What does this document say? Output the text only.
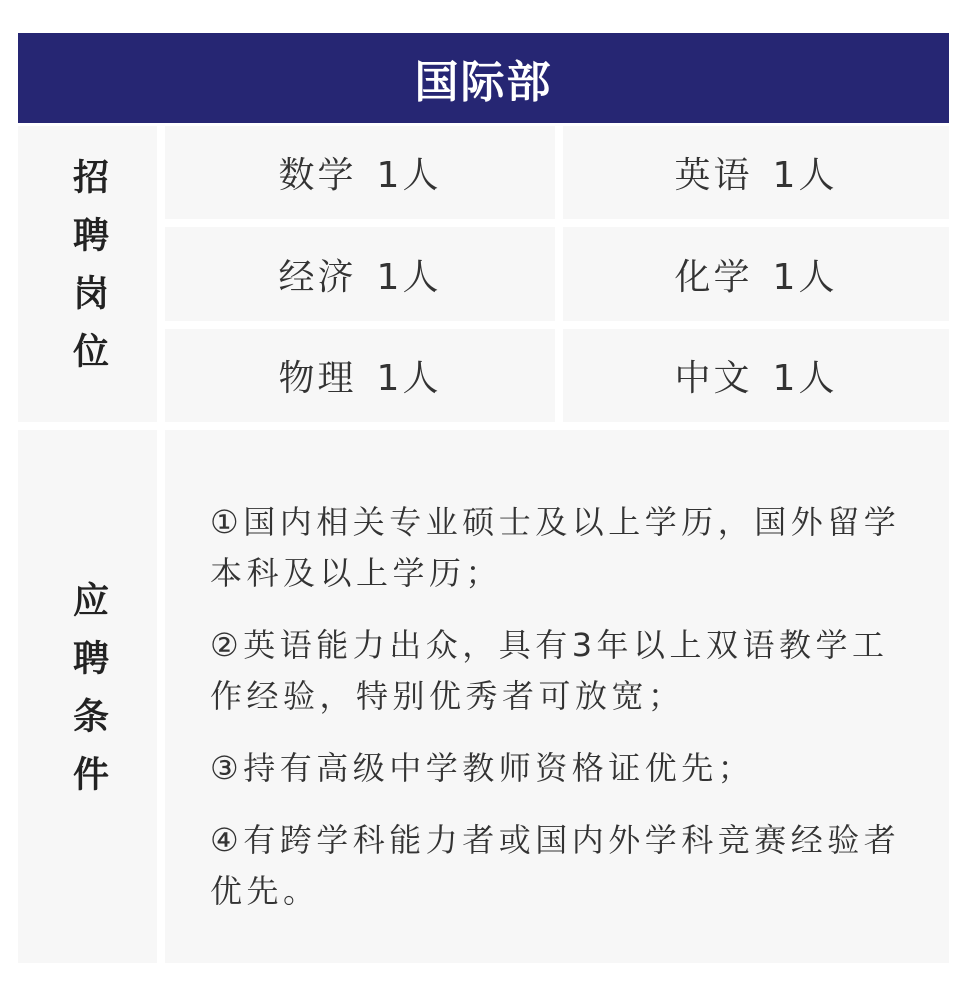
国际部
招聘岗位	数学 1人	英语 1人
经济 1人	化学 1人
物理 1人	中文 1人
应聘条件
①国内相关专业硕士及以上学历，国外留学本科及以上学历；
②英语能力出众，具有3年以上双语教学工作经验，特别优秀者可放宽；
③持有高级中学教师资格证优先；
④有跨学科能力者或国内外学科竞赛经验者优先。
